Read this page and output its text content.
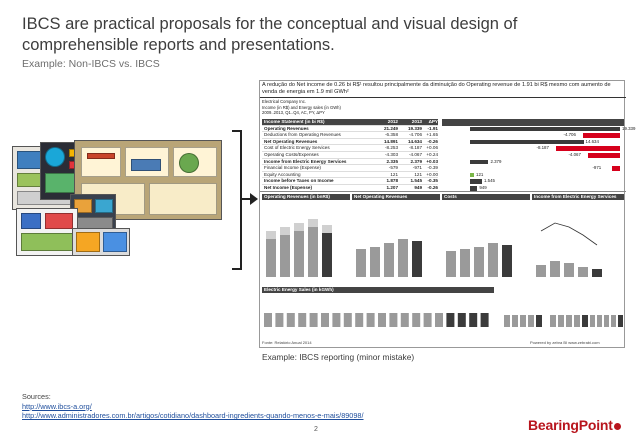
IBCS are practical proposals for the conceptual and visual design of comprehensible reports and presentations.
Example: Non-IBCS vs. IBCS
A redução do Net income de 0.26 bi R$¹ resultou principalmente da diminuição do Operating revenue de 1.91 bi R$ mesmo com aumento de venda de energia em 1.9 mil GWh²
Electrical Company Inc.
Income (in R$) and Energy sales (in GWh)
2009..2013, Q1..Q4, AC, PY, ΔPY
Income Statement (in bi R$)	2012	2013	ΔPY
Operating Revenues	21.249	19.339	-1.91
Deductions from Operating Revenues	-6.358	-4.706 +1.65
Net Operating Revenues	14.891	14.634	-0.26
Cost of Electric Energy Services	-8.253	-8.187 +0.06
Operating Costs/Expenses	-4.303	-4.067 +0.24
Income from Electric Energy Services	2.335	2.379 +0.03
Financial Income (Expense)	-579	-971	-0.39
Equity Accounting	121	121 +0.00
Income before Taxes on Income	1.878	1.545	-0.35
Net Income (Expense)	1.207	949	-0.26

19.339
-4.706
14.634
-8.187
-4.067
2.379
-971
121
1.545
949
Operating Revenues (in bnR$)	Net Operating Revenues	Costs	Income from Electric Energy Services
Electric Energy Sales (in kGWh)
Fonte: Relatório Anual 2014	Powered by zebra BI www.zebrabi.com
Example: IBCS reporting (minor mistake)
Sources:
http://www.ibcs-a.org/
http://www.administradores.com.br/artigos/cotidiano/dashboard-ingredients-quando-menos-e-mais/89098/
2	BearingPoint
